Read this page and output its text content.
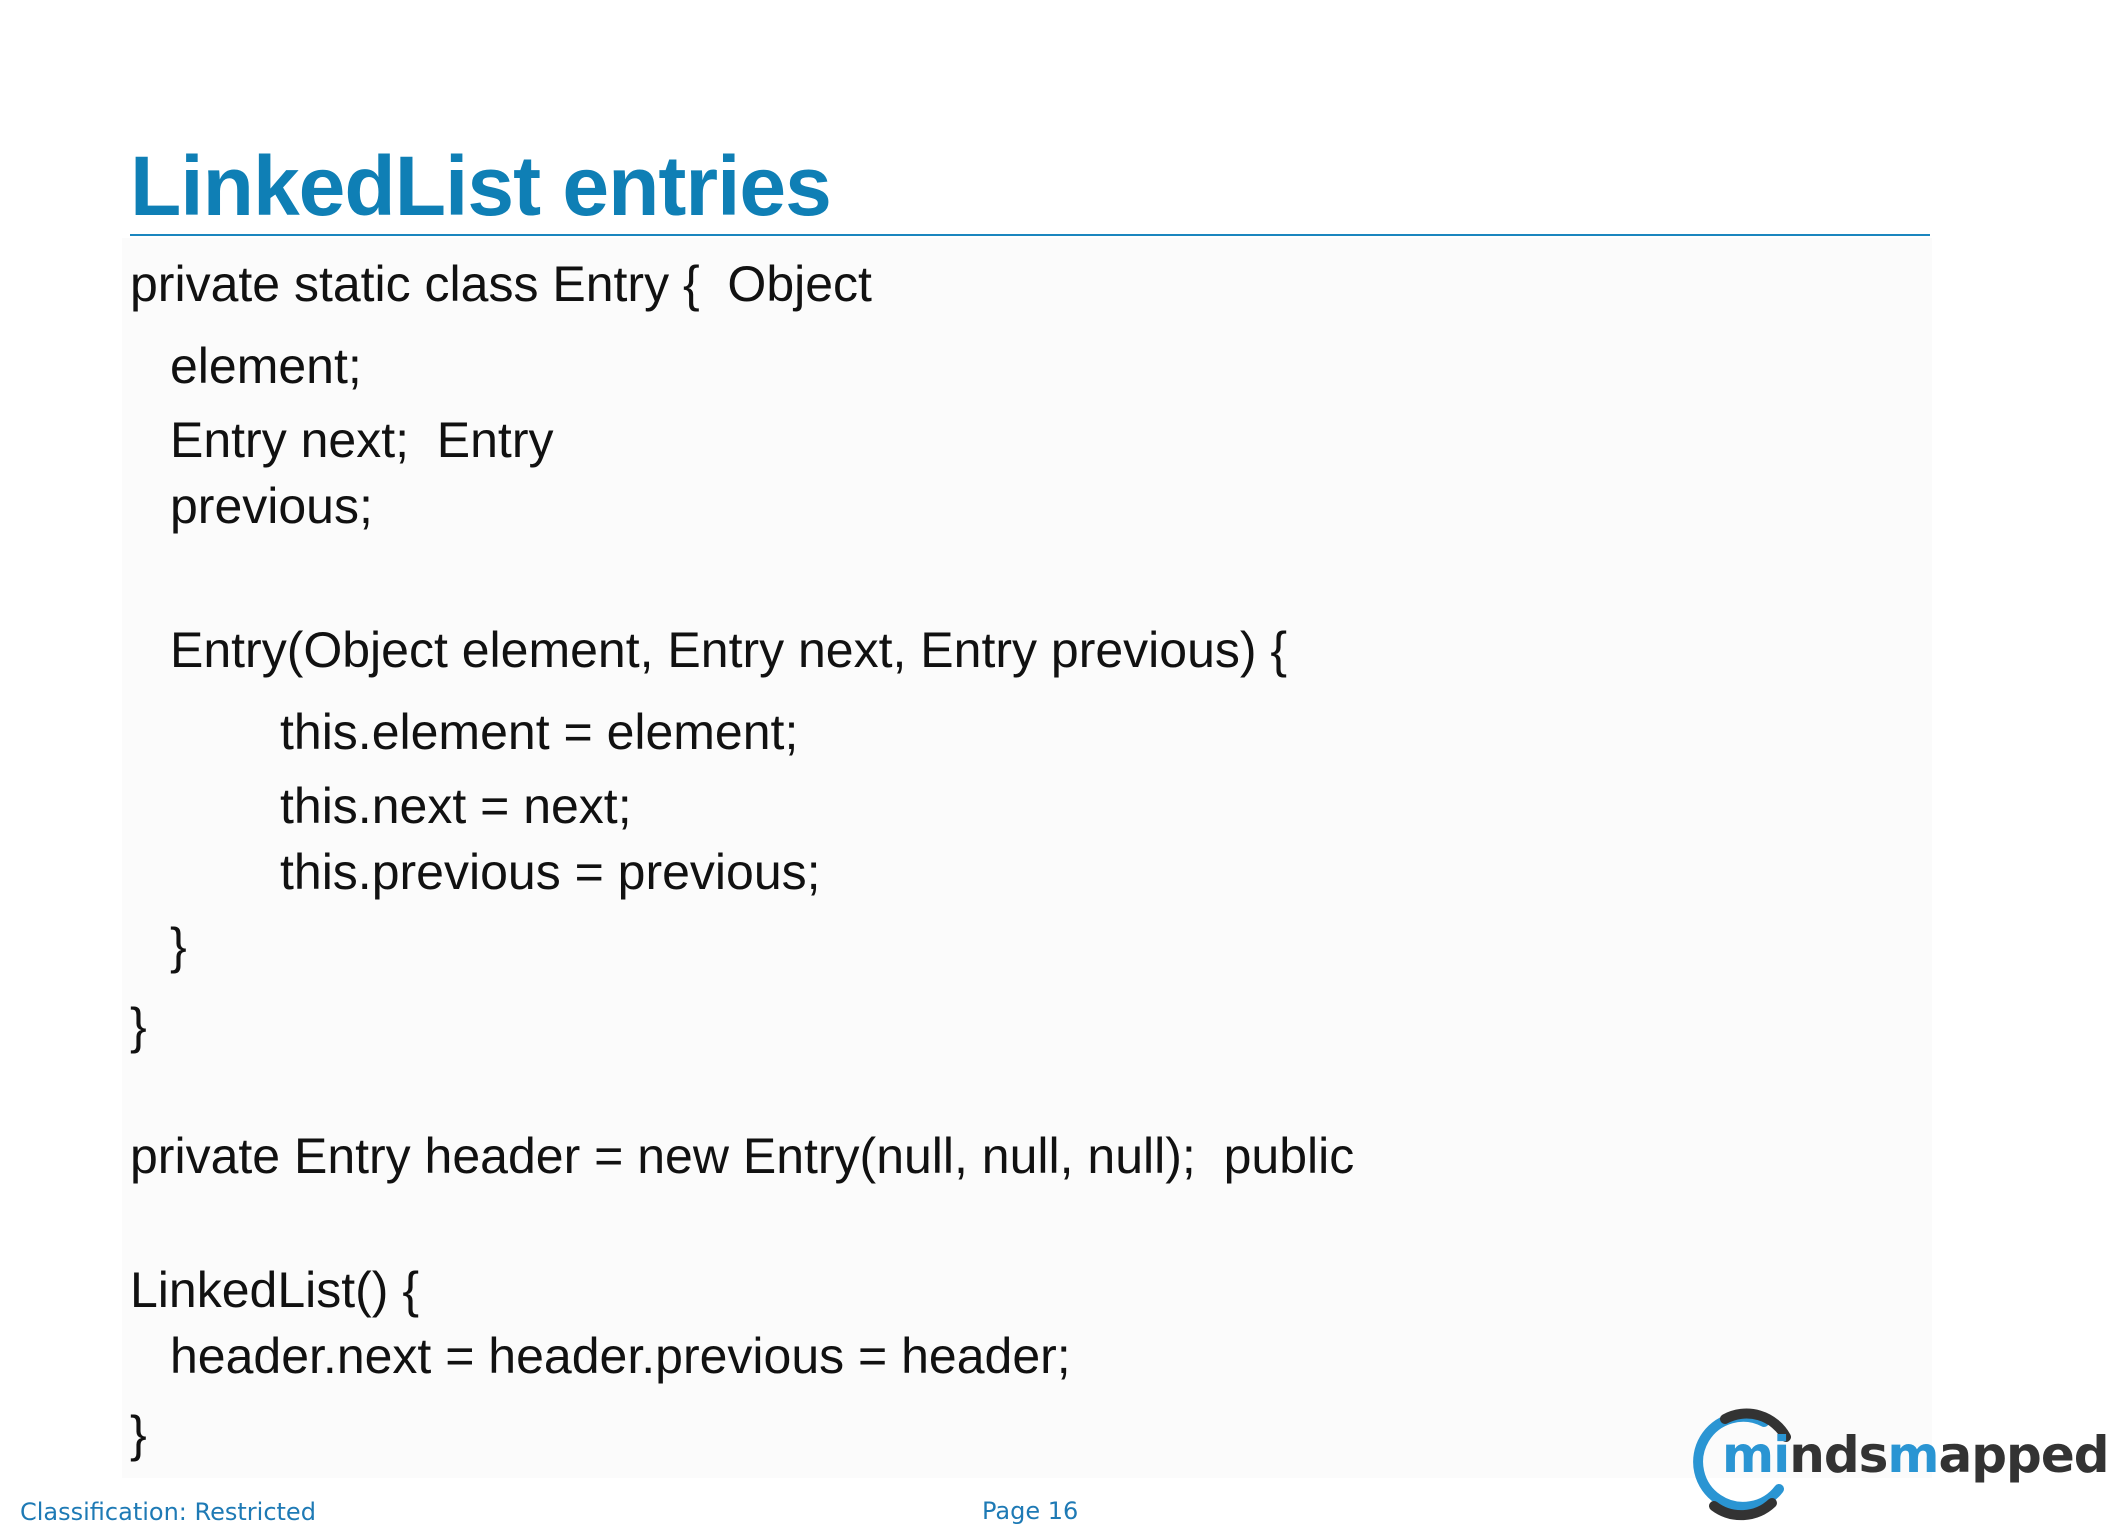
LinkedList entries
private static class Entry {  Object
element;
Entry next;  Entry
previous;
Entry(Object element, Entry next, Entry previous) {
this.element = element;
this.next = next;
this.previous = previous;
}
}
private Entry header = new Entry(null, null, null);  public
LinkedList() {
header.next = header.previous = header;
}
Classification: Restricted	Page 16
mindsmapped
